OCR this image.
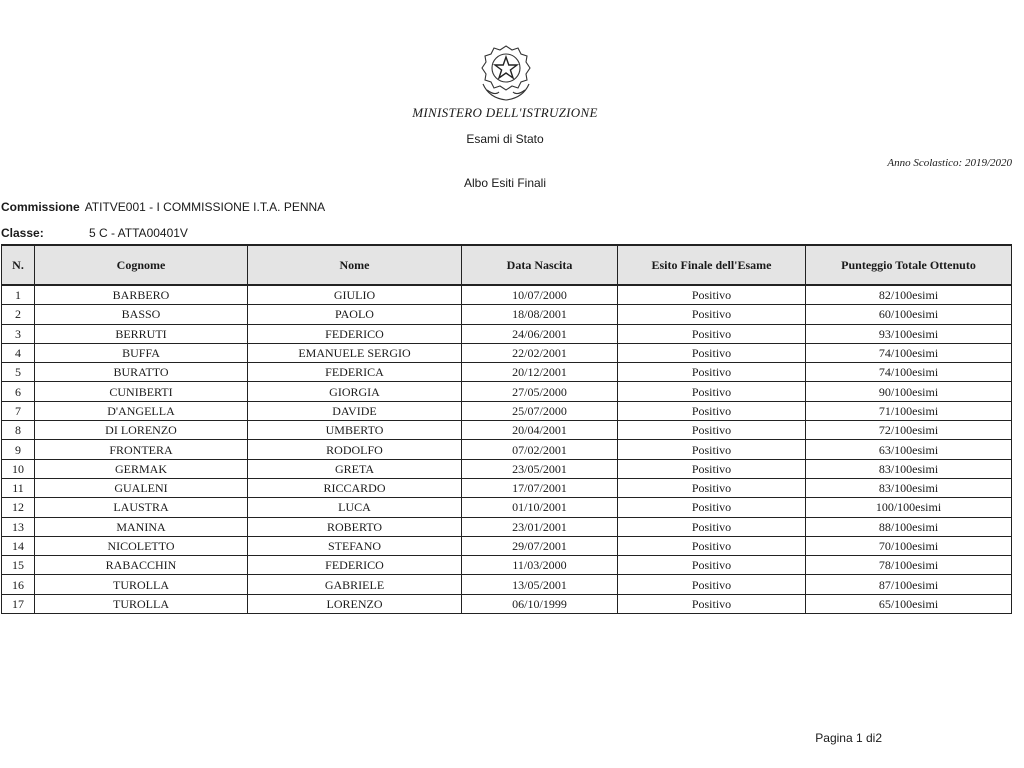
MINISTERO DELL'ISTRUZIONE
Esami di Stato
Anno Scolastico: 2019/2020
Albo Esiti Finali
Commissione ATITVE001 - I COMMISSIONE I.T.A. PENNA
Classe:	5 C - ATTA00401V
N.	Cognome	Nome	Data Nascita	Esito Finale dell'Esame	Punteggio Totale Ottenuto
1	BARBERO	GIULIO	10/07/2000	Positivo	82/100esimi
2	BASSO	PAOLO	18/08/2001	Positivo	60/100esimi
3	BERRUTI	FEDERICO	24/06/2001	Positivo	93/100esimi
4	BUFFA	EMANUELE SERGIO	22/02/2001	Positivo	74/100esimi
5	BURATTO	FEDERICA	20/12/2001	Positivo	74/100esimi
6	CUNIBERTI	GIORGIA	27/05/2000	Positivo	90/100esimi
7	D'ANGELLA	DAVIDE	25/07/2000	Positivo	71/100esimi
8	DI LORENZO	UMBERTO	20/04/2001	Positivo	72/100esimi
9	FRONTERA	RODOLFO	07/02/2001	Positivo	63/100esimi
10	GERMAK	GRETA	23/05/2001	Positivo	83/100esimi
11	GUALENI	RICCARDO	17/07/2001	Positivo	83/100esimi
12	LAUSTRA	LUCA	01/10/2001	Positivo	100/100esimi
13	MANINA	ROBERTO	23/01/2001	Positivo	88/100esimi
14	NICOLETTO	STEFANO	29/07/2001	Positivo	70/100esimi
15	RABACCHIN	FEDERICO	11/03/2000	Positivo	78/100esimi
16	TUROLLA	GABRIELE	13/05/2001	Positivo	87/100esimi
17	TUROLLA	LORENZO	06/10/1999	Positivo	65/100esimi
Pagina 1 di2
